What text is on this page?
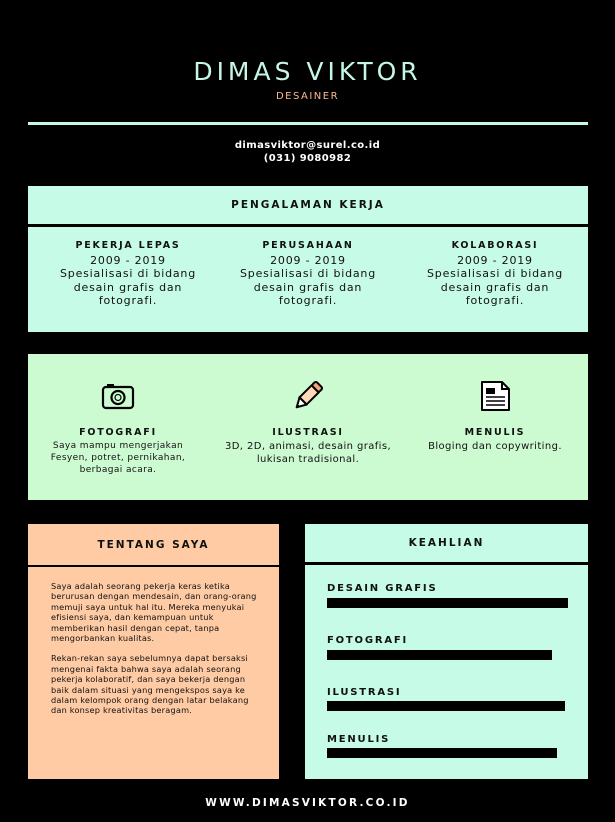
DIMAS VIKTOR
DESAINER
dimasviktor@surel.co.id
(031) 9080982
PENGALAMAN KERJA
PEKERJA LEPAS
2009 - 2019
Spesialisasi di bidang desain grafis dan fotografi.
PERUSAHAAN
2009 - 2019
Spesialisasi di bidang desain grafis dan fotografi.
KOLABORASI
2009 - 2019
Spesialisasi di bidang desain grafis dan fotografi.
FOTOGRAFI
Saya mampu mengerjakan Fesyen, potret, pernikahan, berbagai acara.
ILUSTRASI
3D, 2D, animasi, desain grafis, lukisan tradisional.
MENULIS
Bloging dan copywriting.
TENTANG SAYA

Saya adalah seorang pekerja keras ketika berurusan dengan mendesain, dan orang-orang memuji saya untuk hal itu. Mereka menyukai efisiensi saya, dan kemampuan untuk memberikan hasil dengan cepat, tanpa mengorbankan kualitas.

Rekan-rekan saya sebelumnya dapat bersaksi mengenai fakta bahwa saya adalah seorang pekerja kolaboratif, dan saya bekerja dengan baik dalam situasi yang mengekspos saya ke dalam kelompok orang dengan latar belakang dan konsep kreativitas beragam.

KEAHLIAN
DESAIN GRAFIS
FOTOGRAFI
ILUSTRASI
MENULIS
WWW.DIMASVIKTOR.CO.ID
